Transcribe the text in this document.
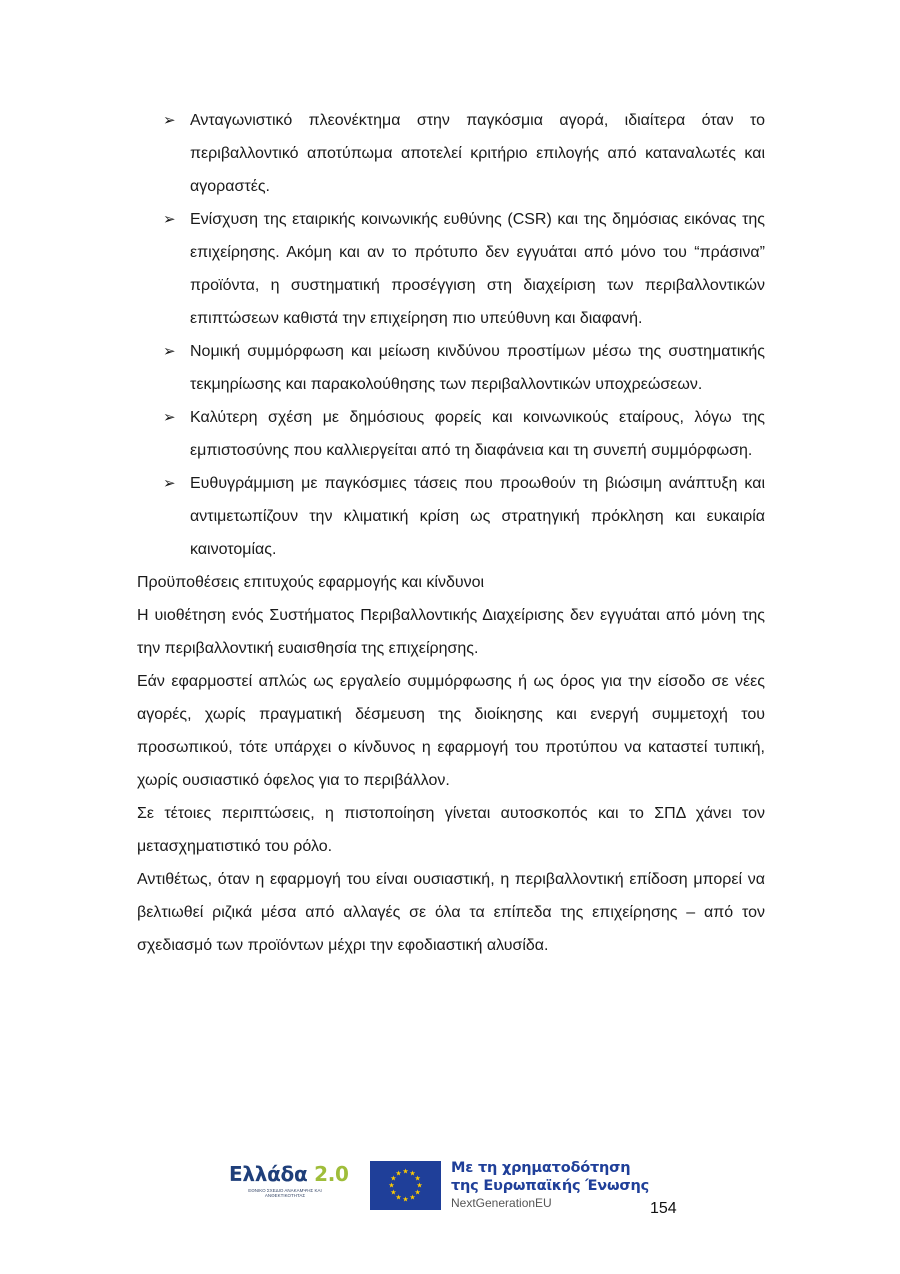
➢ Ανταγωνιστικό πλεονέκτημα στην παγκόσμια αγορά, ιδιαίτερα όταν το περιβαλλοντικό αποτύπωμα αποτελεί κριτήριο επιλογής από καταναλωτές και αγοραστές.
➢ Ενίσχυση της εταιρικής κοινωνικής ευθύνης (CSR) και της δημόσιας εικόνας της επιχείρησης. Ακόμη και αν το πρότυπο δεν εγγυάται από μόνο του “πράσινα” προϊόντα, η συστηματική προσέγγιση στη διαχείριση των περιβαλλοντικών επιπτώσεων καθιστά την επιχείρηση πιο υπεύθυνη και διαφανή.
➢ Νομική συμμόρφωση και μείωση κινδύνου προστίμων μέσω της συστηματικής τεκμηρίωσης και παρακολούθησης των περιβαλλοντικών υποχρεώσεων.
➢ Καλύτερη σχέση με δημόσιους φορείς και κοινωνικούς εταίρους, λόγω της εμπιστοσύνης που καλλιεργείται από τη διαφάνεια και τη συνεπή συμμόρφωση.
➢ Ευθυγράμμιση με παγκόσμιες τάσεις που προωθούν τη βιώσιμη ανάπτυξη και αντιμετωπίζουν την κλιματική κρίση ως στρατηγική πρόκληση και ευκαιρία καινοτομίας.

Προϋποθέσεις επιτυχούς εφαρμογής και κίνδυνοι

Η υιοθέτηση ενός Συστήματος Περιβαλλοντικής Διαχείρισης δεν εγγυάται από μόνη της την περιβαλλοντική ευαισθησία της επιχείρησης.

Εάν εφαρμοστεί απλώς ως εργαλείο συμμόρφωσης ή ως όρος για την είσοδο σε νέες αγορές, χωρίς πραγματική δέσμευση της διοίκησης και ενεργή συμμετοχή του προσωπικού, τότε υπάρχει ο κίνδυνος η εφαρμογή του προτύπου να καταστεί τυπική, χωρίς ουσιαστικό όφελος για το περιβάλλον.

Σε τέτοιες περιπτώσεις, η πιστοποίηση γίνεται αυτοσκοπός και το ΣΠΔ χάνει τον μετασχηματιστικό του ρόλο.

Αντιθέτως, όταν η εφαρμογή του είναι ουσιαστική, η περιβαλλοντική επίδοση μπορεί να βελτιωθεί ριζικά μέσα από αλλαγές σε όλα τα επίπεδα της επιχείρησης – από τον σχεδιασμό των προϊόντων μέχρι την εφοδιαστική αλυσίδα.

Ελλάδα 2.0
ΕΘΝΙΚΟ ΣΧΕΔΙΟ ΑΝΑΚΑΜΨΗΣ ΚΑΙ ΑΝΘΕΚΤΙΚΟΤΗΤΑΣ
★ ★
★
★
★
★
★
★
★
★
★
★	Με τη χρηματοδότηση
της Ευρωπαϊκής Ένωσης
NextGenerationEU	154
